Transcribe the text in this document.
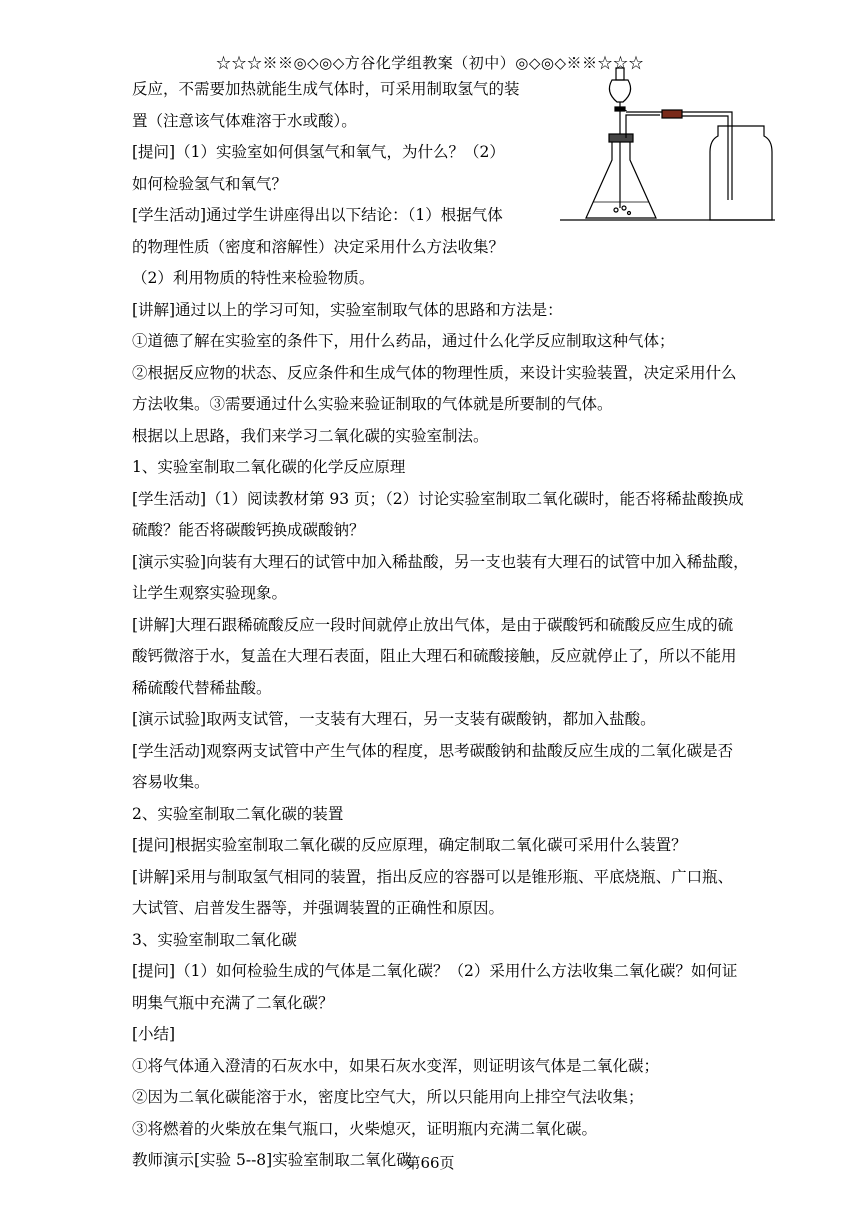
☆☆☆※※◎◇◎◇方谷化学组教案（初中）◎◇◎◇※※☆☆☆
反应，不需要加热就能生成气体时，可采用制取氢气的装
置（注意该气体难溶于水或酸）。
[提问]（1）实验室如何俱氢气和氧气，为什么？（2）
如何检验氢气和氧气？
[学生活动]通过学生讲座得出以下结论：（1）根据气体
的物理性质（密度和溶解性）决定采用什么方法收集？
（2）利用物质的特性来检验物质。
[讲解]通过以上的学习可知，实验室制取气体的思路和方法是：
①道德了解在实验室的条件下，用什么药品，通过什么化学反应制取这种气体；
②根据反应物的状态、反应条件和生成气体的物理性质，来设计实验装置，决定采用什么
方法收集。③需要通过什么实验来验证制取的气体就是所要制的气体。
根据以上思路，我们来学习二氧化碳的实验室制法。
1、实验室制取二氧化碳的化学反应原理
[学生活动]（1）阅读教材第 93 页；（2）讨论实验室制取二氧化碳时，能否将稀盐酸换成
硫酸？能否将碳酸钙换成碳酸钠？
[演示实验]向装有大理石的试管中加入稀盐酸，另一支也装有大理石的试管中加入稀盐酸，
让学生观察实验现象。
[讲解]大理石跟稀硫酸反应一段时间就停止放出气体，是由于碳酸钙和硫酸反应生成的硫
酸钙微溶于水，复盖在大理石表面，阻止大理石和硫酸接触，反应就停止了，所以不能用
稀硫酸代替稀盐酸。
[演示试验]取两支试管，一支装有大理石，另一支装有碳酸钠，都加入盐酸。
[学生活动]观察两支试管中产生气体的程度，思考碳酸钠和盐酸反应生成的二氧化碳是否
容易收集。
2、实验室制取二氧化碳的装置
[提问]根据实验室制取二氧化碳的反应原理，确定制取二氧化碳可采用什么装置？
[讲解]采用与制取氢气相同的装置，指出反应的容器可以是锥形瓶、平底烧瓶、广口瓶、
大试管、启普发生器等，并强调装置的正确性和原因。
3、实验室制取二氧化碳
[提问]（1）如何检验生成的气体是二氧化碳？（2）采用什么方法收集二氧化碳？如何证
明集气瓶中充满了二氧化碳？
[小结]
①将气体通入澄清的石灰水中，如果石灰水变浑，则证明该气体是二氧化碳；
②因为二氧化碳能溶于水，密度比空气大，所以只能用向上排空气法收集；
③将燃着的火柴放在集气瓶口，火柴熄灭，证明瓶内充满二氧化碳。
教师演示[实验 5--8]实验室制取二氧化碳
第66页
